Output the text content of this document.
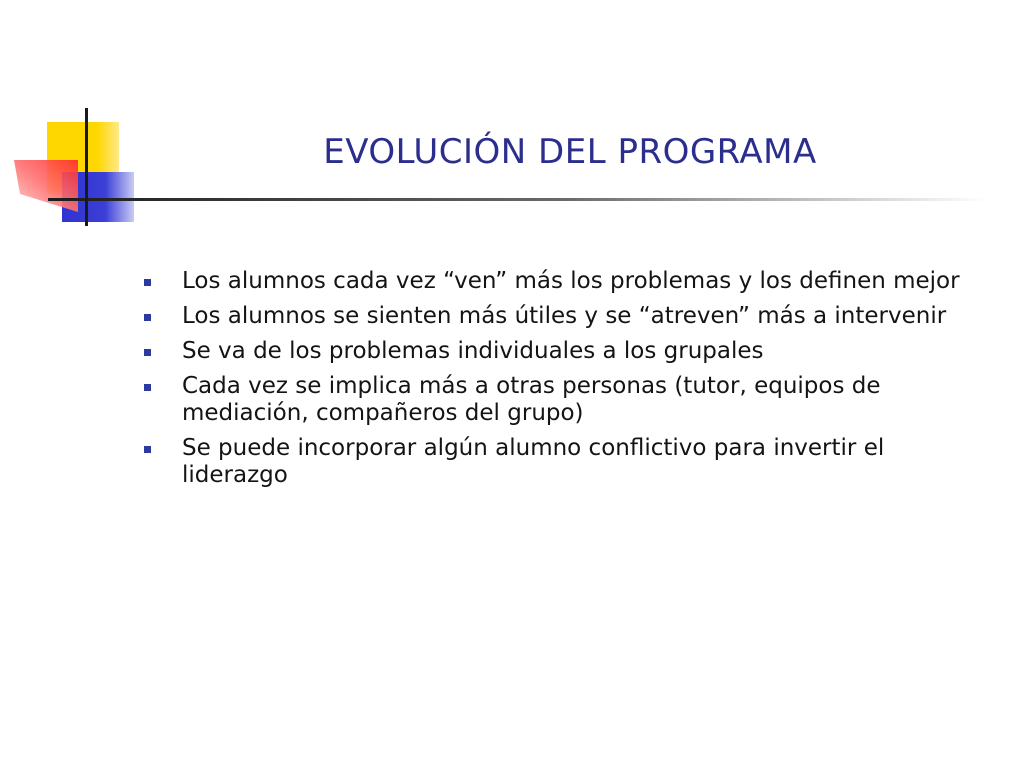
EVOLUCIÓN DEL PROGRAMA
Los alumnos cada vez “ven” más los problemas y los definen mejor
Los alumnos se sienten más útiles y se “atreven” más a intervenir
Se va de los problemas individuales a los grupales
Cada vez se implica más a otras personas (tutor, equipos de mediación, compañeros del grupo)
Se puede incorporar algún alumno conflictivo para invertir el liderazgo
